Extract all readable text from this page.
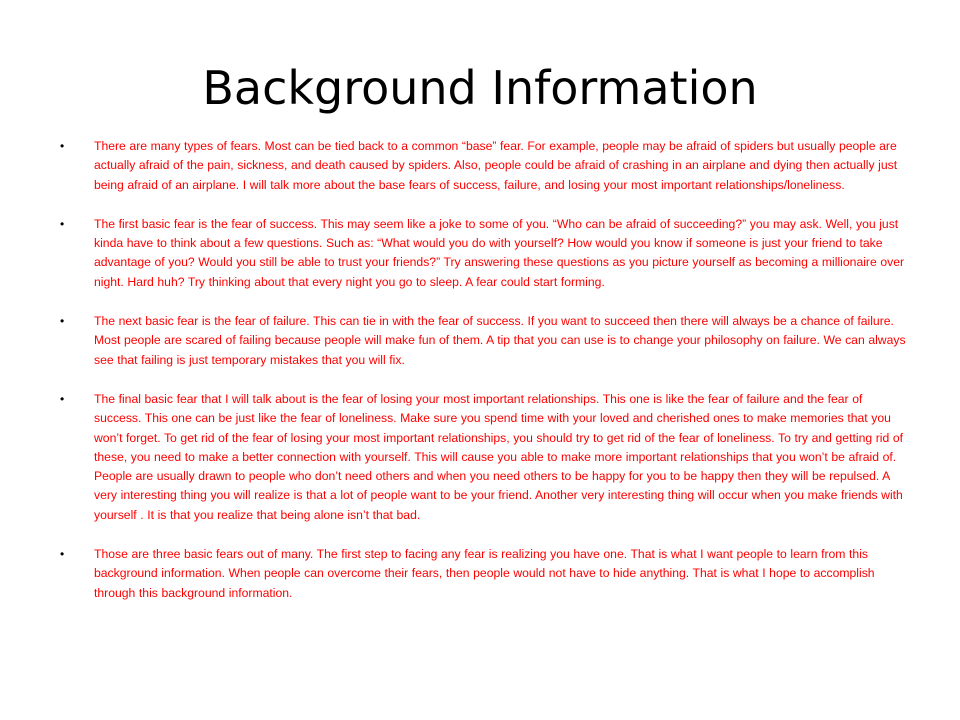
Background Information
• There are many types of fears. Most can be tied back to a common “base” fear. For example, people may be afraid of spiders but usually people are actually afraid of the pain, sickness, and death caused by spiders. Also, people could be afraid of crashing in an airplane and dying then actually just being afraid of an airplane. I will talk more about the base fears of success, failure, and losing your most important relationships/loneliness.
• The first basic fear is the fear of success. This may seem like a joke to some of you. “Who can be afraid of succeeding?” you may ask. Well, you just kinda have to think about a few questions. Such as: “What would you do with yourself? How would you know if someone is just your friend to take advantage of you? Would you still be able to trust your friends?” Try answering these questions as you picture yourself as becoming a millionaire over night. Hard huh? Try thinking about that every night you go to sleep. A fear could start forming.
• The next basic fear is the fear of failure. This can tie in with the fear of success. If you want to succeed then there will always be a chance of failure. Most people are scared of failing because people will make fun of them. A tip that you can use is to change your philosophy on failure. We can always see that failing is just temporary mistakes that you will fix.
• The final basic fear that I will talk about is the fear of losing your most important relationships. This one is like the fear of failure and the fear of success. This one can be just like the fear of loneliness. Make sure you spend time with your loved and cherished ones to make memories that you won’t forget. To get rid of the fear of losing your most important relationships, you should try to get rid of the fear of loneliness. To try and getting rid of these, you need to make a better connection with yourself. This will cause you able to make more important relationships that you won’t be afraid of. People are usually drawn to people who don’t need others and when you need others to be happy for you to be happy then they will be repulsed. A very interesting thing you will realize is that a lot of people want to be your friend. Another very interesting thing will occur when you make friends with yourself . It is that you realize that being alone isn’t that bad.
• Those are three basic fears out of many. The first step to facing any fear is realizing you have one. That is what I want people to learn from this background information. When people can overcome their fears, then people would not have to hide anything. That is what I hope to accomplish through this background information.
